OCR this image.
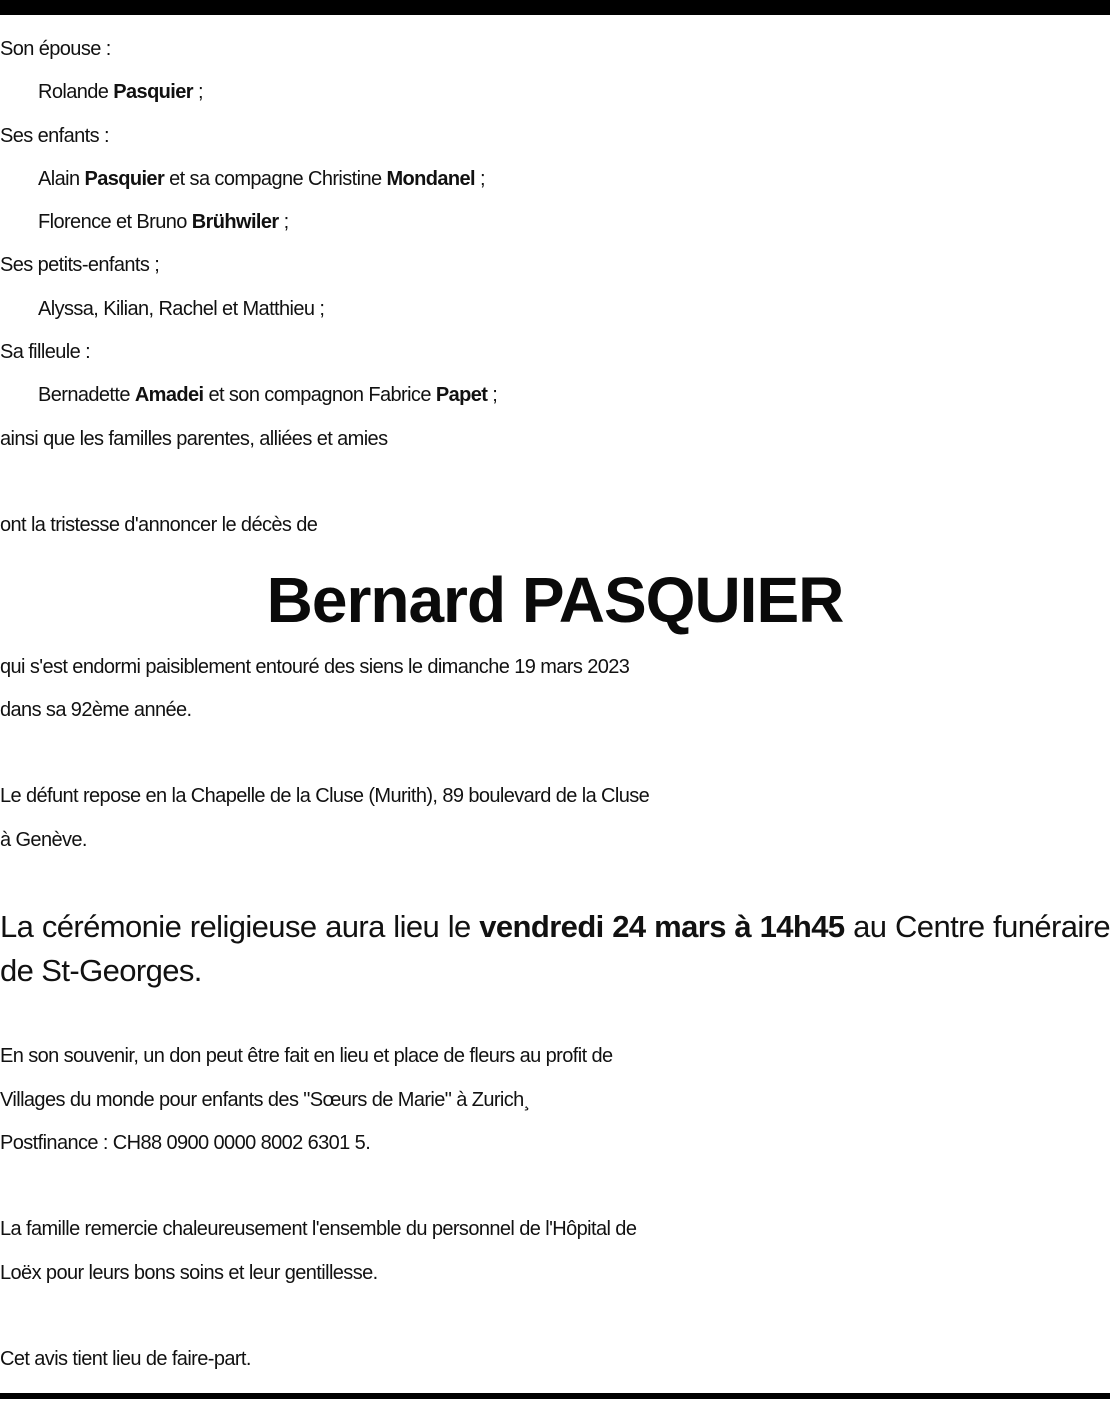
Son épouse :
Rolande Pasquier ;
Ses enfants :
Alain Pasquier et sa compagne Christine Mondanel ;
Florence et Bruno Brühwiler ;
Ses petits-enfants ;
Alyssa, Kilian, Rachel et Matthieu ;
Sa filleule :
Bernadette Amadei et son compagnon Fabrice Papet ;
ainsi que les familles parentes, alliées et amies
ont la tristesse d'annoncer le décès de
Bernard PASQUIER
qui s'est endormi paisiblement entouré des siens le dimanche 19 mars 2023
dans sa 92ème année.
Le défunt repose en la Chapelle de la Cluse (Murith), 89 boulevard de la Cluse
à Genève.
La cérémonie religieuse aura lieu le vendredi 24 mars à 14h45 au Centre funéraire de St-Georges.
En son souvenir, un don peut être fait en lieu et place de fleurs au profit de
Villages du monde pour enfants des "Sœurs de Marie" à Zurich¸
Postfinance : CH88 0900 0000 8002 6301 5.
La famille remercie chaleureusement l'ensemble du personnel de l'Hôpital de
Loëx pour leurs bons soins et leur gentillesse.
Cet avis tient lieu de faire-part.
